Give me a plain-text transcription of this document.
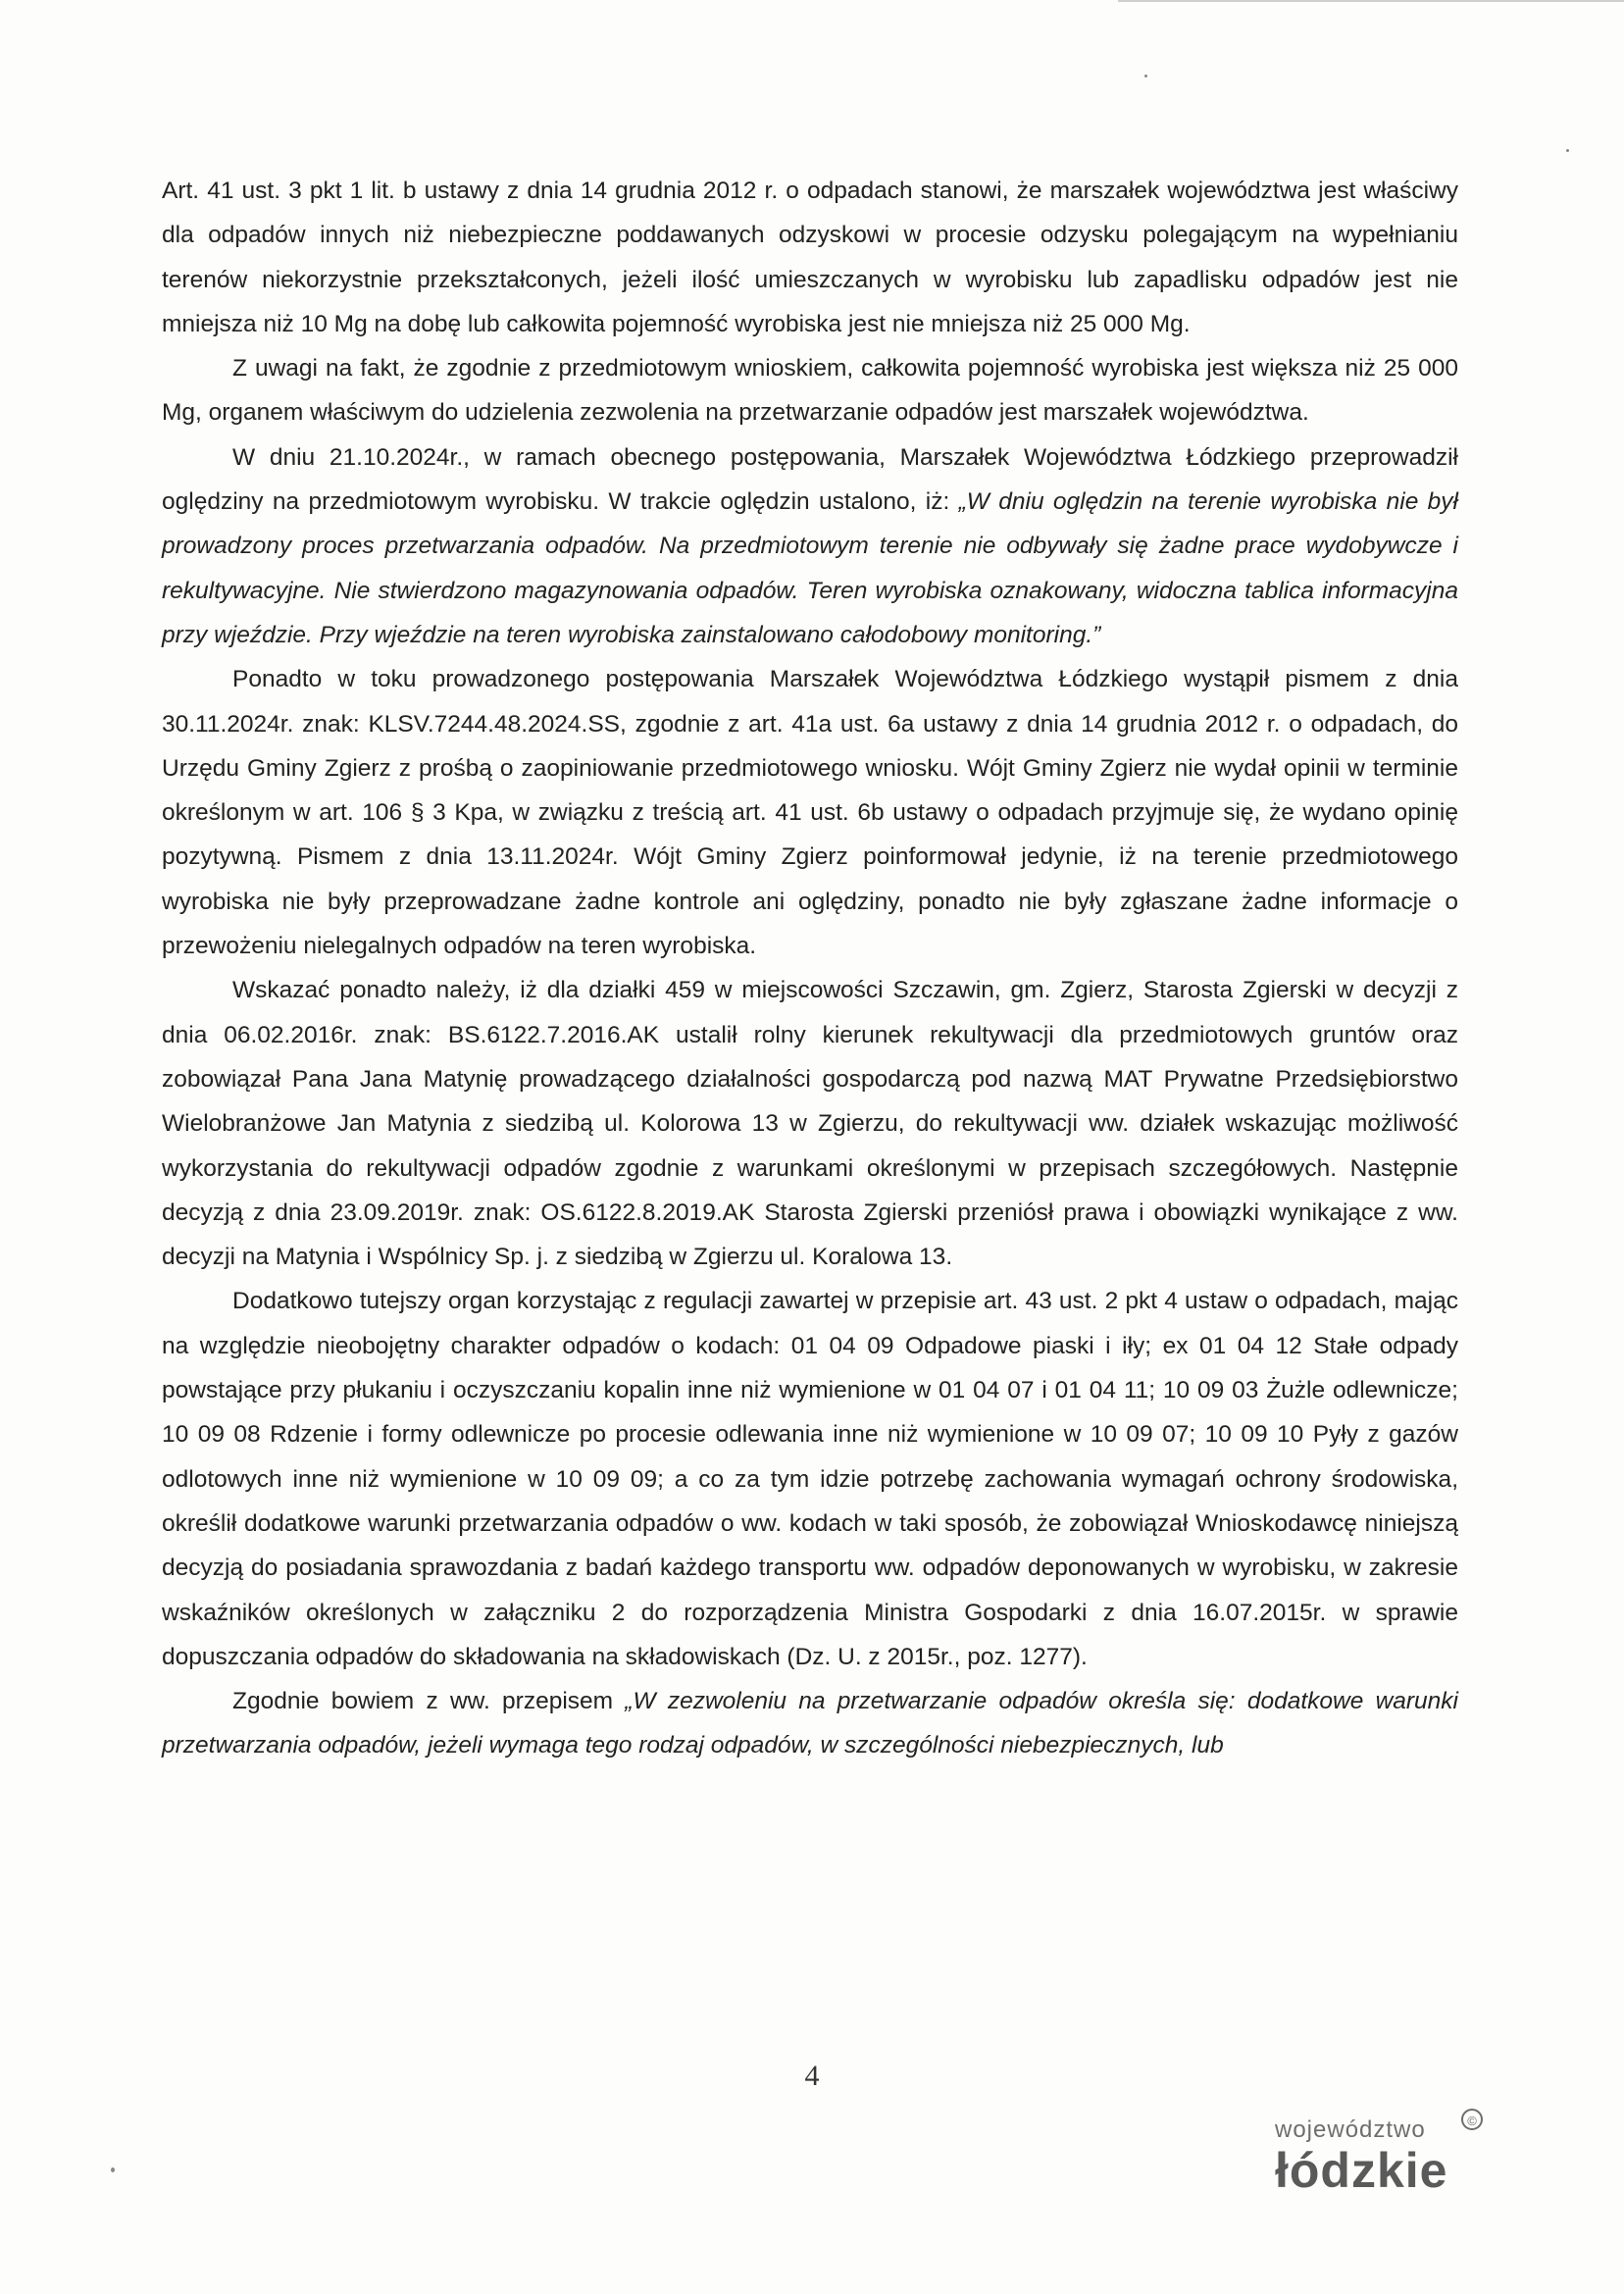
Art. 41 ust. 3 pkt 1 lit. b ustawy z dnia 14 grudnia 2012 r. o odpadach stanowi, że marszałek województwa jest właściwy dla odpadów innych niż niebezpieczne poddawanych odzyskowi w procesie odzysku polegającym na wypełnianiu terenów niekorzystnie przekształconych, jeżeli ilość umieszczanych w wyrobisku lub zapadlisku odpadów jest nie mniejsza niż 10 Mg na dobę lub całkowita pojemność wyrobiska jest nie mniejsza niż 25 000 Mg.

Z uwagi na fakt, że zgodnie z przedmiotowym wnioskiem, całkowita pojemność wyrobiska jest większa niż 25 000 Mg, organem właściwym do udzielenia zezwolenia na przetwarzanie odpadów jest marszałek województwa.

W dniu 21.10.2024r., w ramach obecnego postępowania, Marszałek Województwa Łódzkiego przeprowadził oględziny na przedmiotowym wyrobisku. W trakcie oględzin ustalono, iż: „W dniu oględzin na terenie wyrobiska nie był prowadzony proces przetwarzania odpadów. Na przedmiotowym terenie nie odbywały się żadne prace wydobywcze i rekultywacyjne. Nie stwierdzono magazynowania odpadów. Teren wyrobiska oznakowany, widoczna tablica informacyjna przy wjeździe. Przy wjeździe na teren wyrobiska zainstalowano całodobowy monitoring.”

Ponadto w toku prowadzonego postępowania Marszałek Województwa Łódzkiego wystąpił pismem z dnia 30.11.2024r. znak: KLSV.7244.48.2024.SS, zgodnie z art. 41a ust. 6a ustawy z dnia 14 grudnia 2012 r. o odpadach, do Urzędu Gminy Zgierz z prośbą o zaopiniowanie przedmiotowego wniosku. Wójt Gminy Zgierz nie wydał opinii w terminie określonym w art. 106 § 3 Kpa, w związku z treścią art. 41 ust. 6b ustawy o odpadach przyjmuje się, że wydano opinię pozytywną. Pismem z dnia 13.11.2024r. Wójt Gminy Zgierz poinformował jedynie, iż na terenie przedmiotowego wyrobiska nie były przeprowadzane żadne kontrole ani oględziny, ponadto nie były zgłaszane żadne informacje o przewożeniu nielegalnych odpadów na teren wyrobiska.

Wskazać ponadto należy, iż dla działki 459 w miejscowości Szczawin, gm. Zgierz, Starosta Zgierski w decyzji z dnia 06.02.2016r. znak: BS.6122.7.2016.AK ustalił rolny kierunek rekultywacji dla przedmiotowych gruntów oraz zobowiązał Pana Jana Matynię prowadzącego działalności gospodarczą pod nazwą MAT Prywatne Przedsiębiorstwo Wielobranżowe Jan Matynia z siedzibą ul. Kolorowa 13 w Zgierzu, do rekultywacji ww. działek wskazując możliwość wykorzystania do rekultywacji odpadów zgodnie z warunkami określonymi w przepisach szczegółowych. Następnie decyzją z dnia 23.09.2019r. znak: OS.6122.8.2019.AK Starosta Zgierski przeniósł prawa i obowiązki wynikające z ww. decyzji na Matynia i Wspólnicy Sp. j. z siedzibą w Zgierzu ul. Koralowa 13.

Dodatkowo tutejszy organ korzystając z regulacji zawartej w przepisie art. 43 ust. 2 pkt 4 ustaw o odpadach, mając na względzie nieobojętny charakter odpadów o kodach: 01 04 09 Odpadowe piaski i iły; ex 01 04 12 Stałe odpady powstające przy płukaniu i oczyszczaniu kopalin inne niż wymienione w 01 04 07 i 01 04 11; 10 09 03 Żużle odlewnicze; 10 09 08 Rdzenie i formy odlewnicze po procesie odlewania inne niż wymienione w 10 09 07; 10 09 10 Pyły z gazów odlotowych inne niż wymienione w 10 09 09; a co za tym idzie potrzebę zachowania wymagań ochrony środowiska, określił dodatkowe warunki przetwarzania odpadów o ww. kodach w taki sposób, że zobowiązał Wnioskodawcę niniejszą decyzją do posiadania sprawozdania z badań każdego transportu ww. odpadów deponowanych w wyrobisku, w zakresie wskaźników określonych w załączniku 2 do rozporządzenia Ministra Gospodarki z dnia 16.07.2015r. w sprawie dopuszczania odpadów do składowania na składowiskach (Dz. U. z 2015r., poz. 1277).

Zgodnie bowiem z ww. przepisem „W zezwoleniu na przetwarzanie odpadów określa się: dodatkowe warunki przetwarzania odpadów, jeżeli wymaga tego rodzaj odpadów, w szczególności niebezpiecznych, lub

4
województwo	©
łódzkie
